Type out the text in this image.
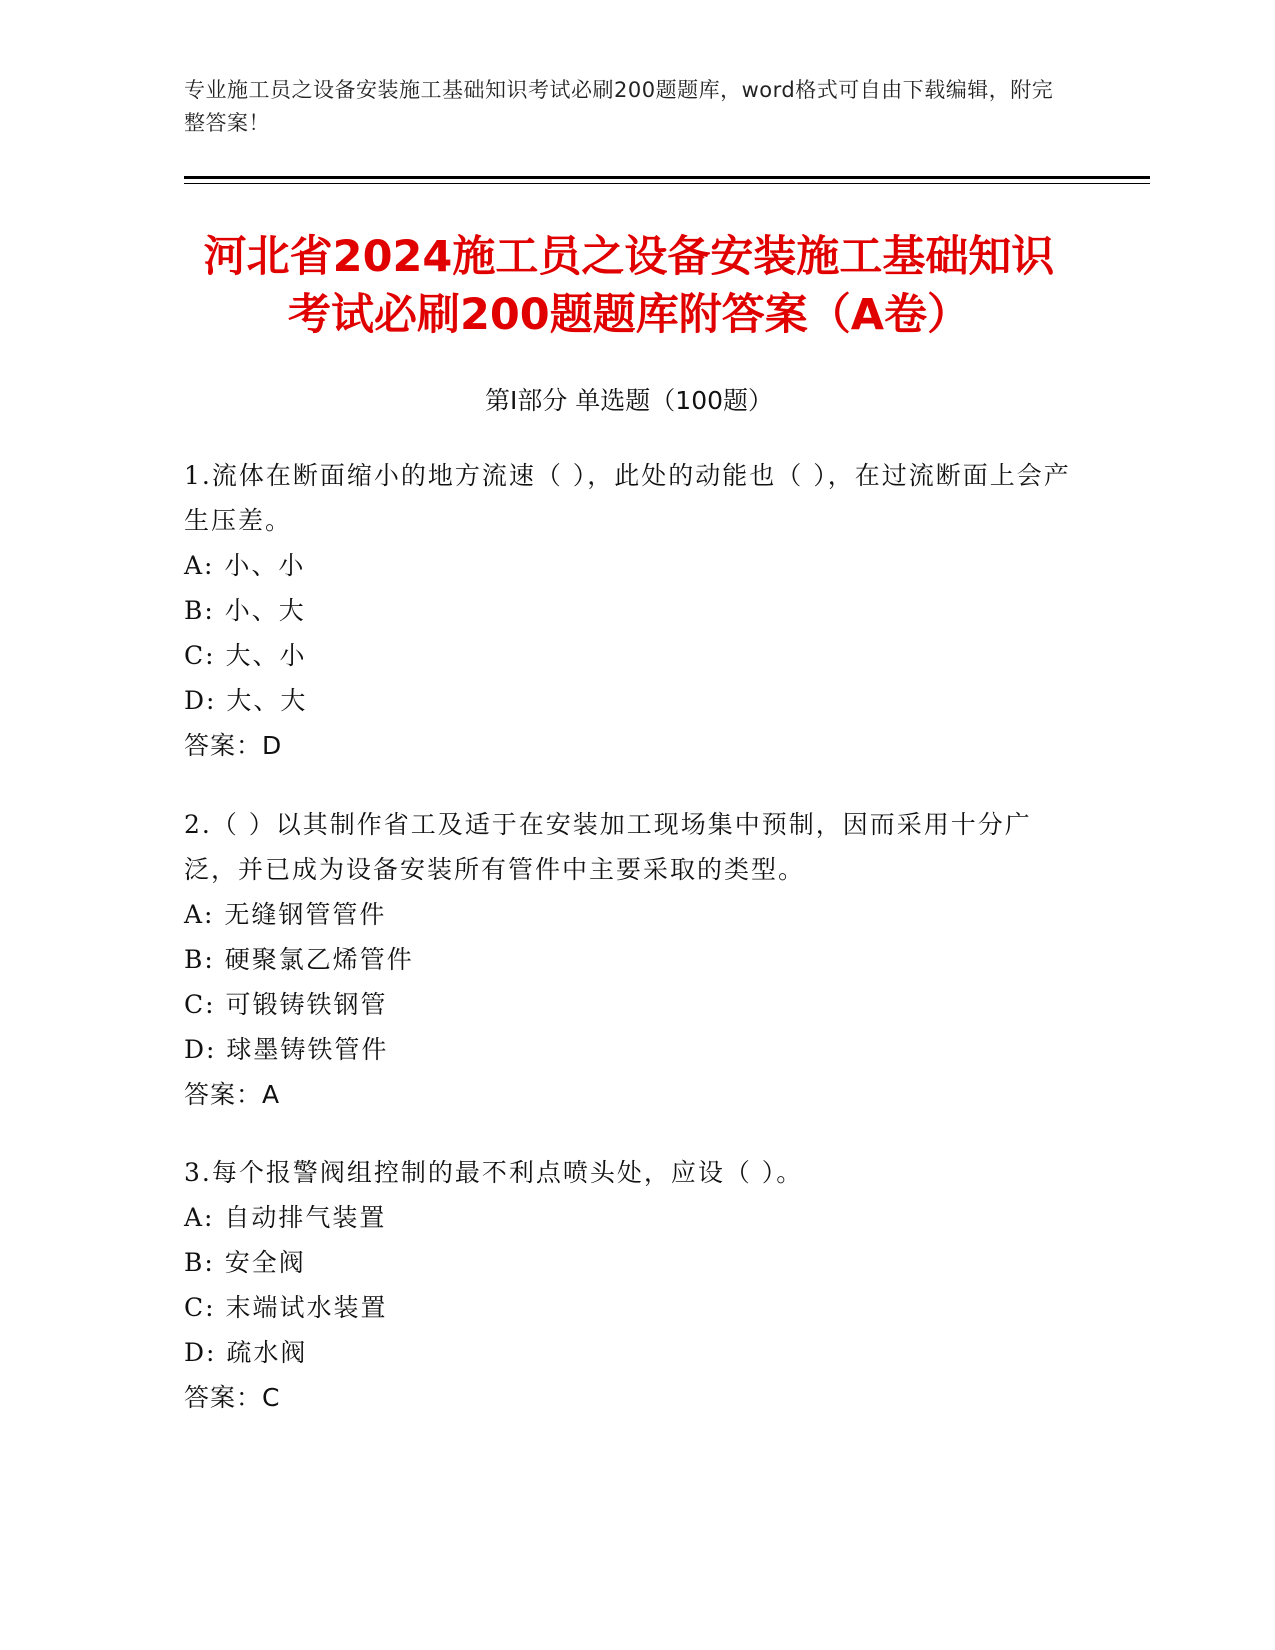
专业施工员之设备安装施工基础知识考试必刷200题题库，word格式可自由下载编辑，附完整答案！
河北省2024施工员之设备安装施工基础知识考试必刷200题题库附答案（A卷）
第I部分 单选题（100题）

1.流体在断面缩小的地方流速（ ），此处的动能也（ ），在过流断面上会产生压差。

A: 小、小
B: 小、大
C: 大、小
D: 大、大
答案：D

2.（ ）以其制作省工及适于在安装加工现场集中预制，因而采用十分广泛，并已成为设备安装所有管件中主要采取的类型。

A: 无缝钢管管件
B: 硬聚氯乙烯管件
C: 可锻铸铁钢管
D: 球墨铸铁管件
答案：A

3.每个报警阀组控制的最不利点喷头处，应设（ ）。

A: 自动排气装置
B: 安全阀
C: 末端试水装置
D: 疏水阀
答案：C
